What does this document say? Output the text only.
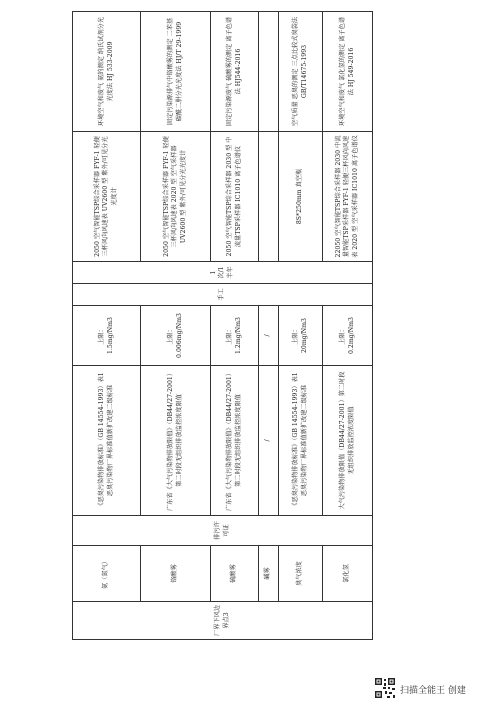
厂界下风边界点3	氨（氮气）	排污许可证	《恶臭污染物排放标准》（GB 14554-1993）表1 恶臭污染物厂界标准值新扩改建二级标准	上限：1.5mg/Nm3	手工	1次/1半年	2050 空气智能TSP综合采样器 FYF-1 轻便三杯风向风速表 UV2600 型 紫外/可见分光光度计	环境空气和废气 氨的测定 纳氏试剂分光光度法 HJ 533-2009
	铬酸雾		广东省《大气污染物排放限值》（DB44/27-2001）第二时段无组织排放监控浓度限值	上限：0.006mg/Nm3			2050 空气智能TSP综合采样器 FYF-1 轻便三杯风向风速表 2020 型 空气采样器 UV2600 型 紫外/可见分光光度计	固定污染源排气中铬酸雾的测定 二苯基碳酰二肼分光光度法 HJ/T 29-1999
	硫酸雾		广东省《大气污染物排放限值》（DB44/27-2001）第二时段无组织排放监控浓度限值	上限：1.2mg/Nm3			2050 空气智能TSP综合采样器 2030 型 中流量TSP采样器 IC1010 离子色谱仪	固定污染源废气 硫酸雾的测定 离子色谱法 HJ544-2016
	碱雾		/	/				
	臭气浓度		《恶臭污染物排放标准》（GB 14554-1993）表1 恶臭污染物厂界标准值新扩改建二级标准	上限：20mg/Nm3			8S*250mm 真空瓶	空气质量 恶臭的测定 三点比较式臭袋法 GB/T14675-1993
	氯化氢		大气污染物排放限值（DB44/27-2001）第二时段无组织排放监控浓度限值	上限：0.2mg/Nm3			22050 空气智能TSP综合采样器 2030 中流量智能TSP采样器 FYF-1 轻便三杯风向风速表 2020 型 空气采样器 IC1010 离子色谱仪	环境空气和废气 氯化氢的测定 离子色谱法 HJ 549-2016
扫描全能王 创建
